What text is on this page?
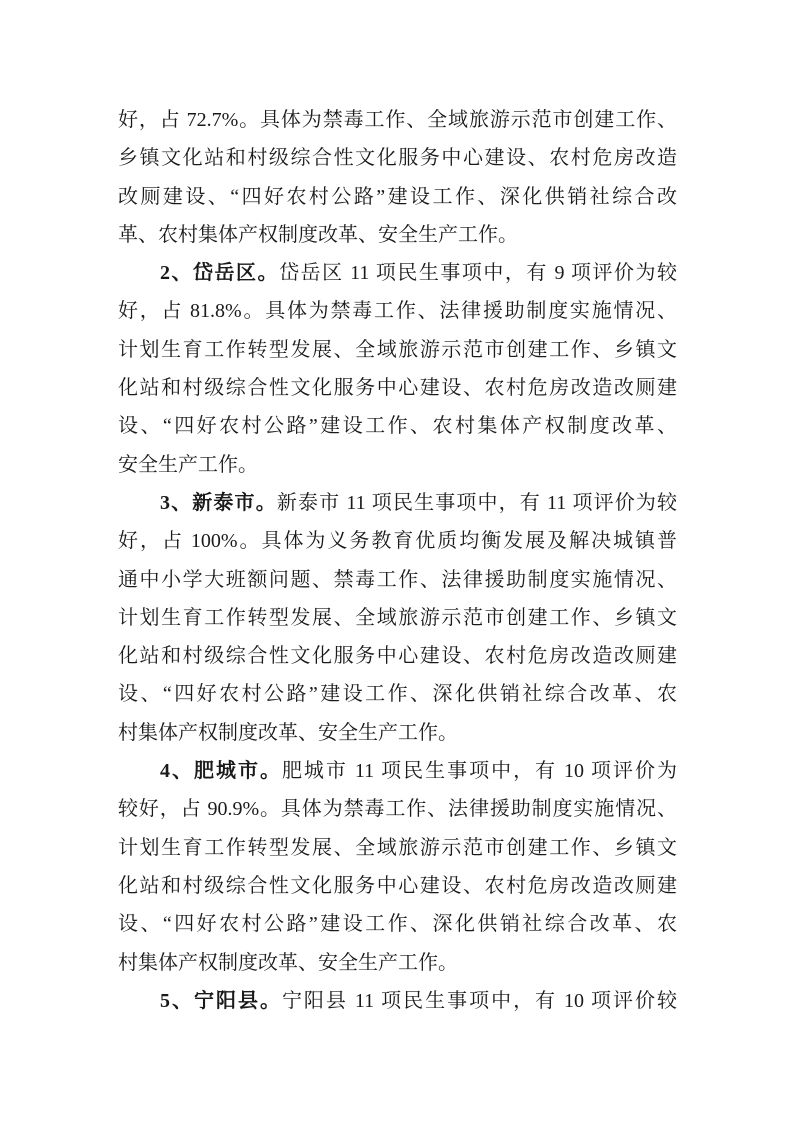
好，占 72.7%。具体为禁毒工作、全域旅游示范市创建工作、
乡镇文化站和村级综合性文化服务中心建设、农村危房改造
改厕建设、“四好农村公路”建设工作、深化供销社综合改
革、农村集体产权制度改革、安全生产工作。
2、岱岳区。岱岳区 11 项民生事项中，有 9 项评价为较
好，占 81.8%。具体为禁毒工作、法律援助制度实施情况、
计划生育工作转型发展、全域旅游示范市创建工作、乡镇文
化站和村级综合性文化服务中心建设、农村危房改造改厕建
设、“四好农村公路”建设工作、农村集体产权制度改革、
安全生产工作。
3、新泰市。新泰市 11 项民生事项中，有 11 项评价为较
好，占 100%。具体为义务教育优质均衡发展及解决城镇普
通中小学大班额问题、禁毒工作、法律援助制度实施情况、
计划生育工作转型发展、全域旅游示范市创建工作、乡镇文
化站和村级综合性文化服务中心建设、农村危房改造改厕建
设、“四好农村公路”建设工作、深化供销社综合改革、农
村集体产权制度改革、安全生产工作。
4、肥城市。肥城市 11 项民生事项中，有 10 项评价为
较好，占 90.9%。具体为禁毒工作、法律援助制度实施情况、
计划生育工作转型发展、全域旅游示范市创建工作、乡镇文
化站和村级综合性文化服务中心建设、农村危房改造改厕建
设、“四好农村公路”建设工作、深化供销社综合改革、农
村集体产权制度改革、安全生产工作。
5、宁阳县。宁阳县 11 项民生事项中，有 10 项评价较
